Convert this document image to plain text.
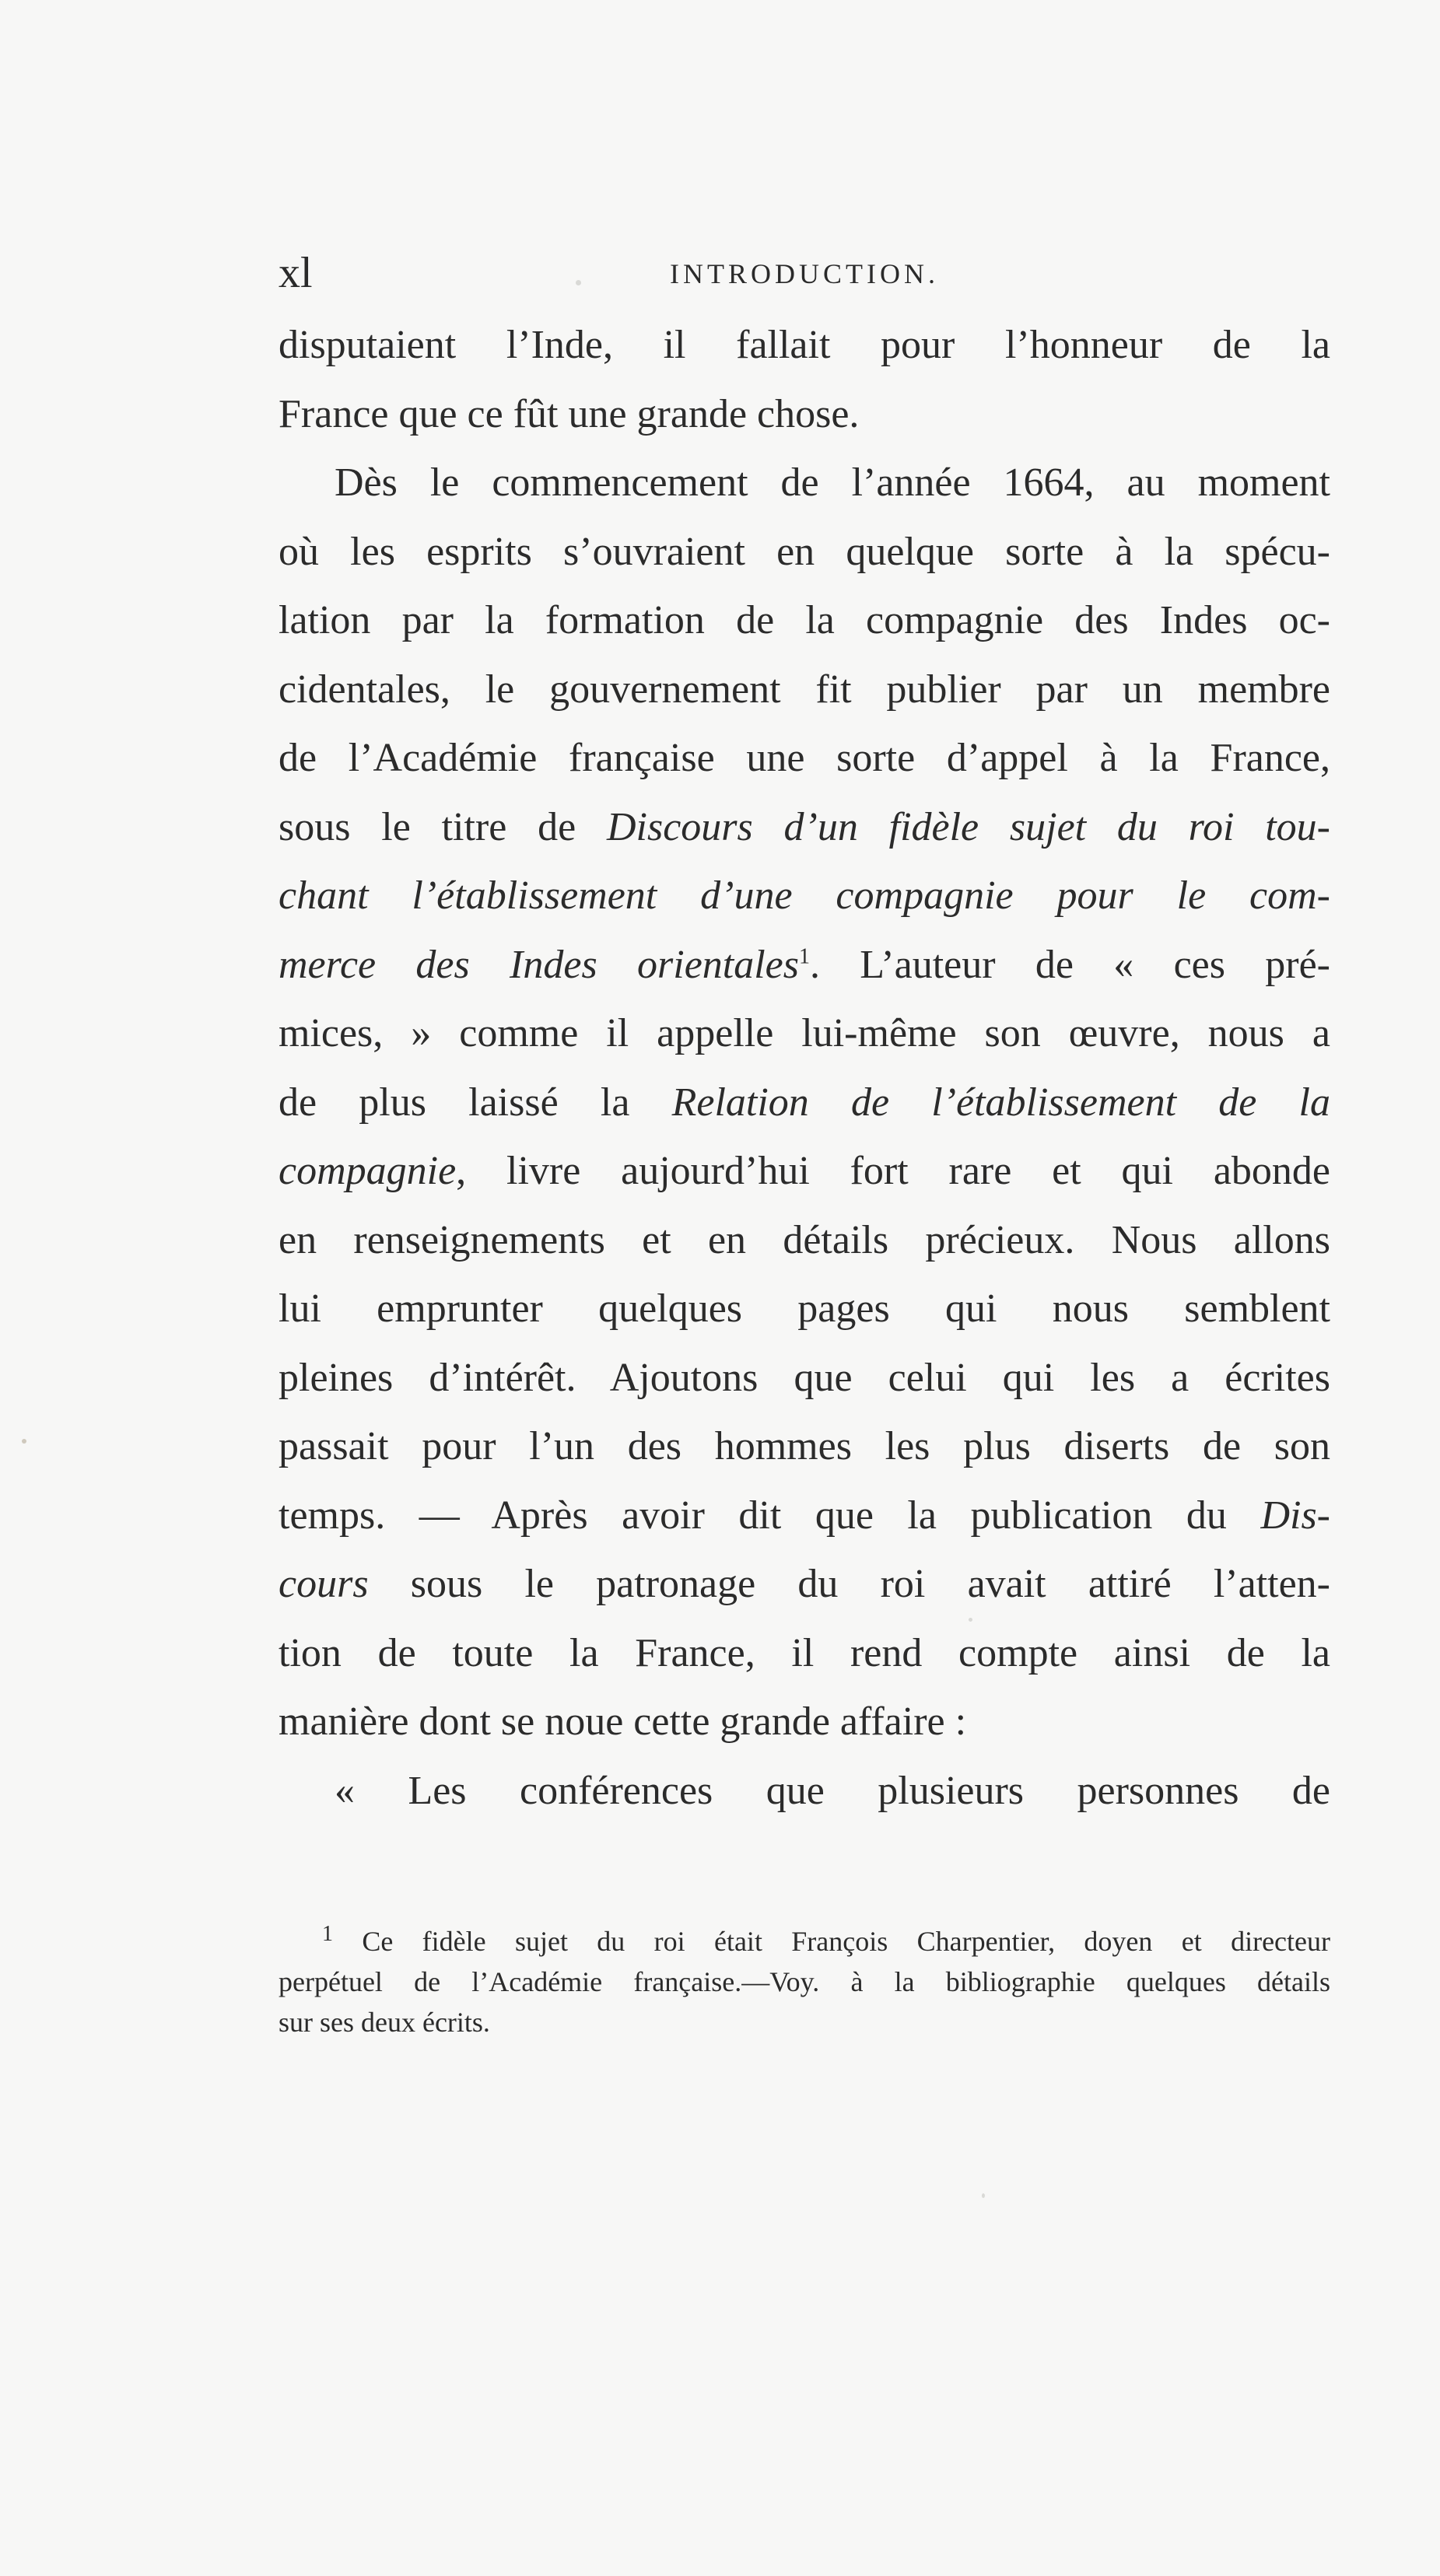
xl	INTRODUCTION.
disputaient l’Inde, il fallait pour l’honneur de la
France que ce fût une grande chose.
Dès le commencement de l’année 1664, au moment
où les esprits s’ouvraient en quelque sorte à la spécu-
lation par la formation de la compagnie des Indes oc-
cidentales, le gouvernement fit publier par un membre
de l’Académie française une sorte d’appel à la France,
sous le titre de Discours d’un fidèle sujet du roi tou-
chant l’établissement d’une compagnie pour le com-
merce des Indes orientales$^1$. L’auteur de « ces pré-
mices, » comme il appelle lui-même son œuvre, nous a
de plus laissé la Relation de l’établissement de la
compagnie, livre aujourd’hui fort rare et qui abonde
en renseignements et en détails précieux. Nous allons
lui emprunter quelques pages qui nous semblent
pleines d’intérêt. Ajoutons que celui qui les a écrites
passait pour l’un des hommes les plus diserts de son
temps. — Après avoir dit que la publication du Dis-
cours sous le patronage du roi avait attiré l’atten-
tion de toute la France, il rend compte ainsi de la
manière dont se noue cette grande affaire :
« Les conférences que plusieurs personnes de
$^1$ Ce fidèle sujet du roi était François Charpentier, doyen et directeur
perpétuel de l’Académie française.—Voy. à la bibliographie quelques détails
sur ses deux écrits.
